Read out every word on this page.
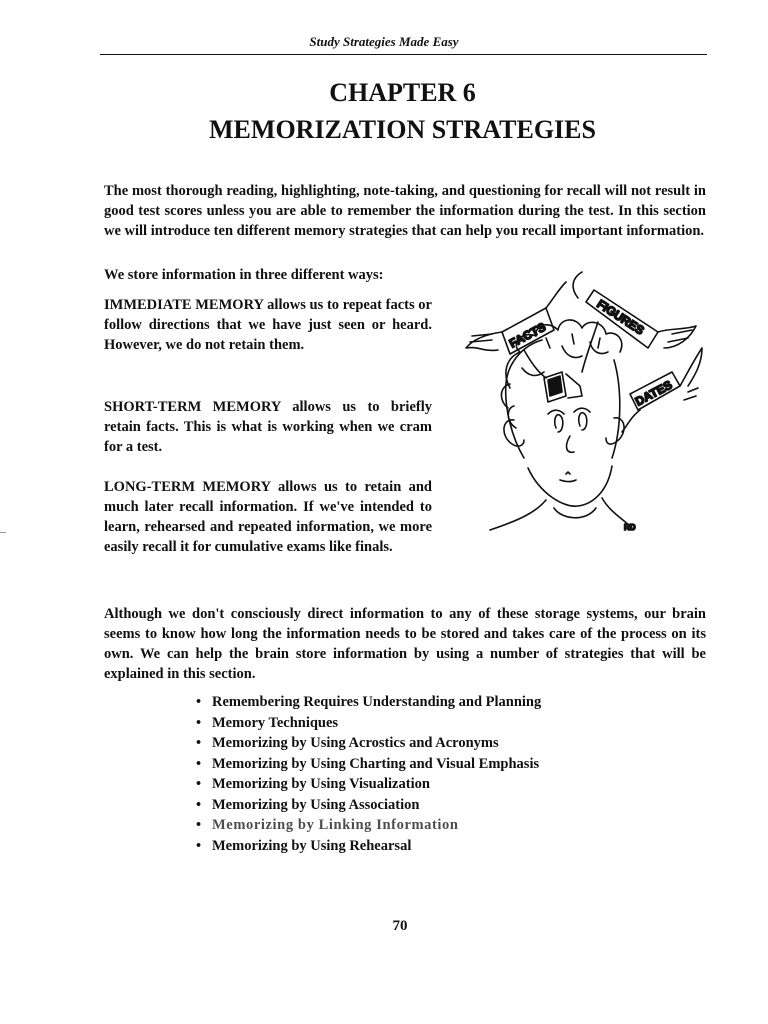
Study Strategies Made Easy
CHAPTER 6
MEMORIZATION STRATEGIES

The most thorough reading, highlighting, note-taking, and questioning for recall will not result in good test scores unless you are able to remember the information during the test. In this section we will introduce ten different memory strategies that can help you recall important information.

We store information in three different ways:

IMMEDIATE MEMORY allows us to repeat facts or follow directions that we have just seen or heard. However, we do not retain them.

SHORT-TERM MEMORY allows us to briefly retain facts. This is what is working when we cram for a test.

LONG-TERM MEMORY allows us to retain and much later recall information. If we've intended to learn, rehearsed and repeated information, we more easily recall it for cumulative exams like finals.

FACTS	FIGURES
DATES
RD

Although we don't consciously direct information to any of these storage systems, our brain seems to know how long the information needs to be stored and takes care of the process on its own. We can help the brain store information by using a number of strategies that will be explained in this section.

• Remembering Requires Understanding and Planning
• Memory Techniques
• Memorizing by Using Acrostics and Acronyms
• Memorizing by Using Charting and Visual Emphasis
• Memorizing by Using Visualization
• Memorizing by Using Association
• Memorizing by Linking Information
• Memorizing by Using Rehearsal
70
